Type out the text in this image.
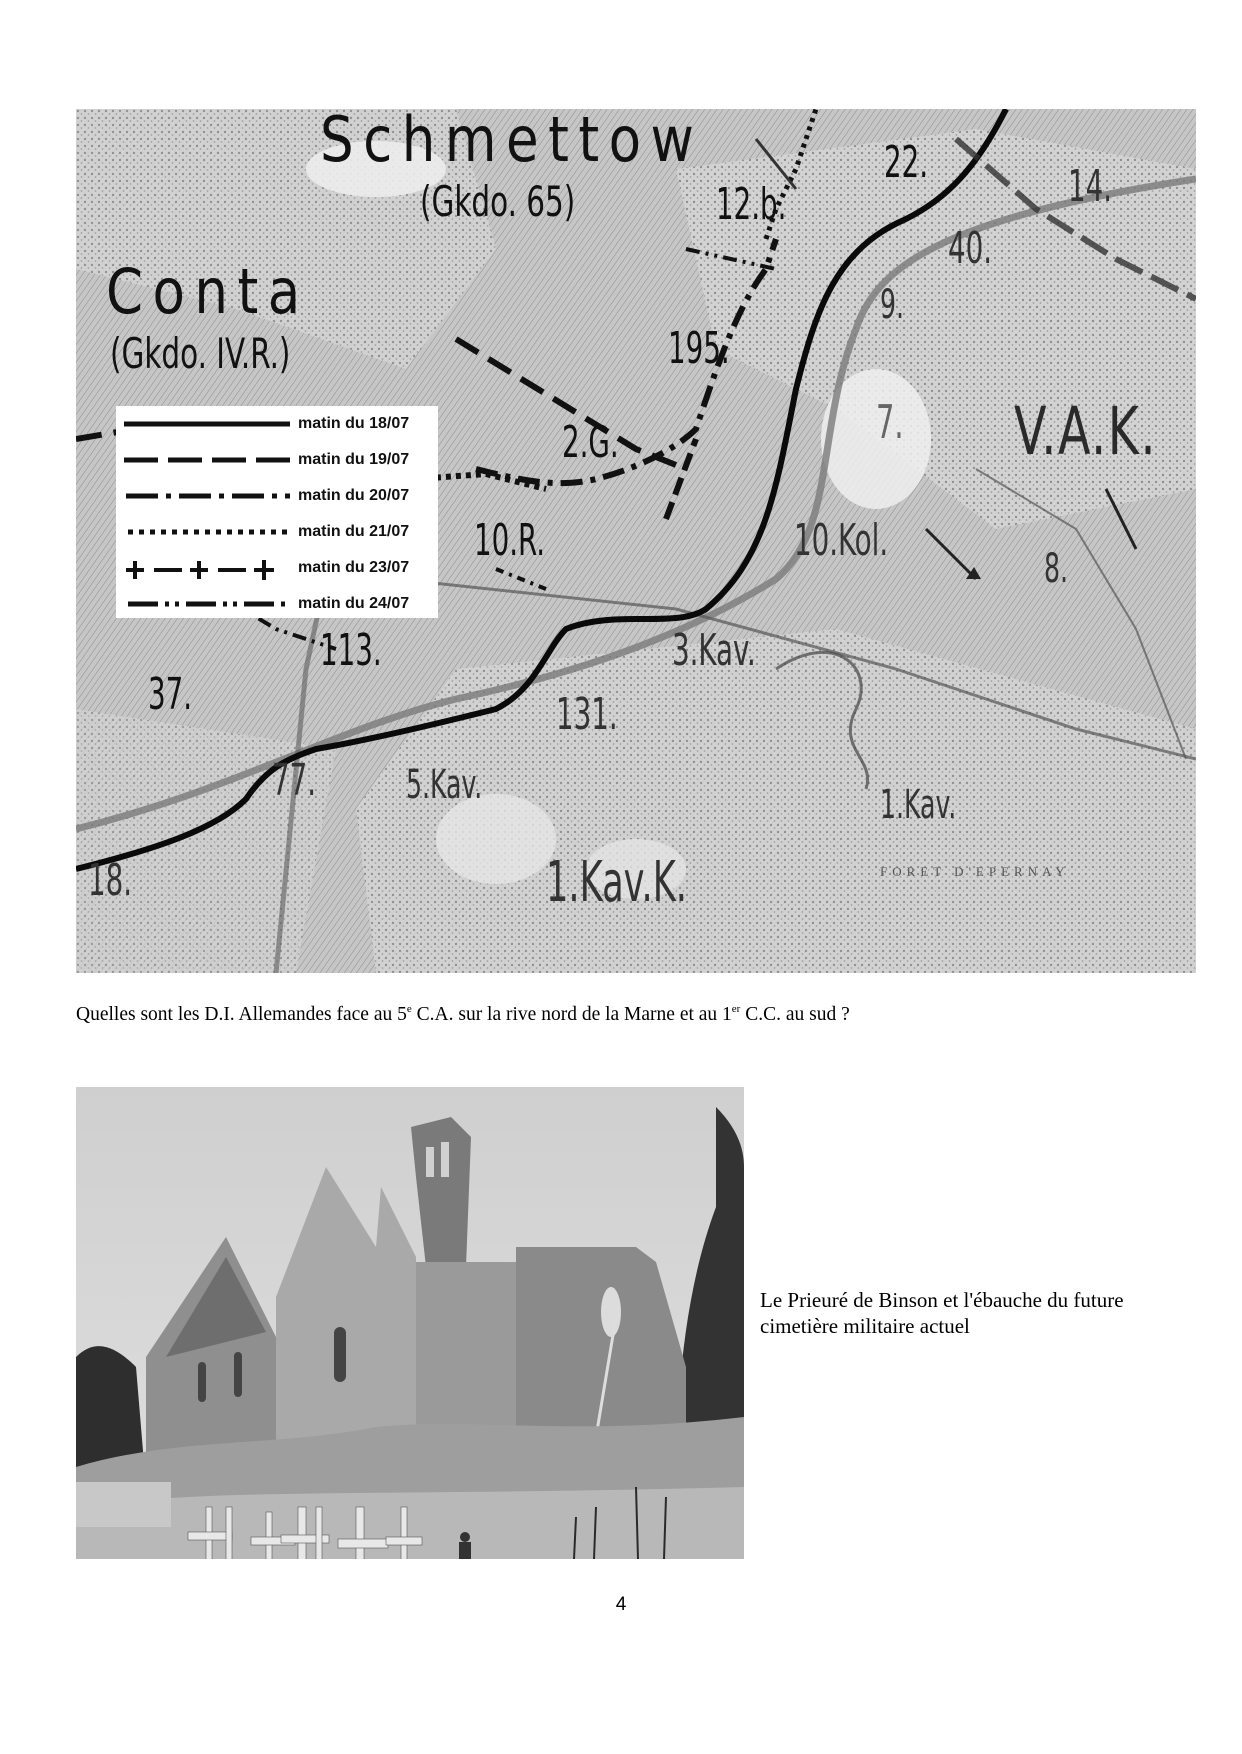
Schmettow
(Gkdo. 65)
Conta
(Gkdo. IV.R.)
V.A.K.
22.	14.
12.b.
40.
9.
195.
7.
2.G.
10.R.	10.Kol.
8.
113.
37.
3.Kav.
131.
77. 5.Kav.	1.Kav.
18.	1.Kav.K.	FORET D'EPERNAY
matin du 18/07
matin du 19/07
matin du 20/07
matin du 21/07
matin du 23/07
matin du 24/07
Quelles sont les D.I. Allemandes face au 5e C.A. sur la rive nord de la Marne et au 1er C.C. au sud ?
Le Prieuré de Binson et l'ébauche du future cimetière militaire actuel
4
